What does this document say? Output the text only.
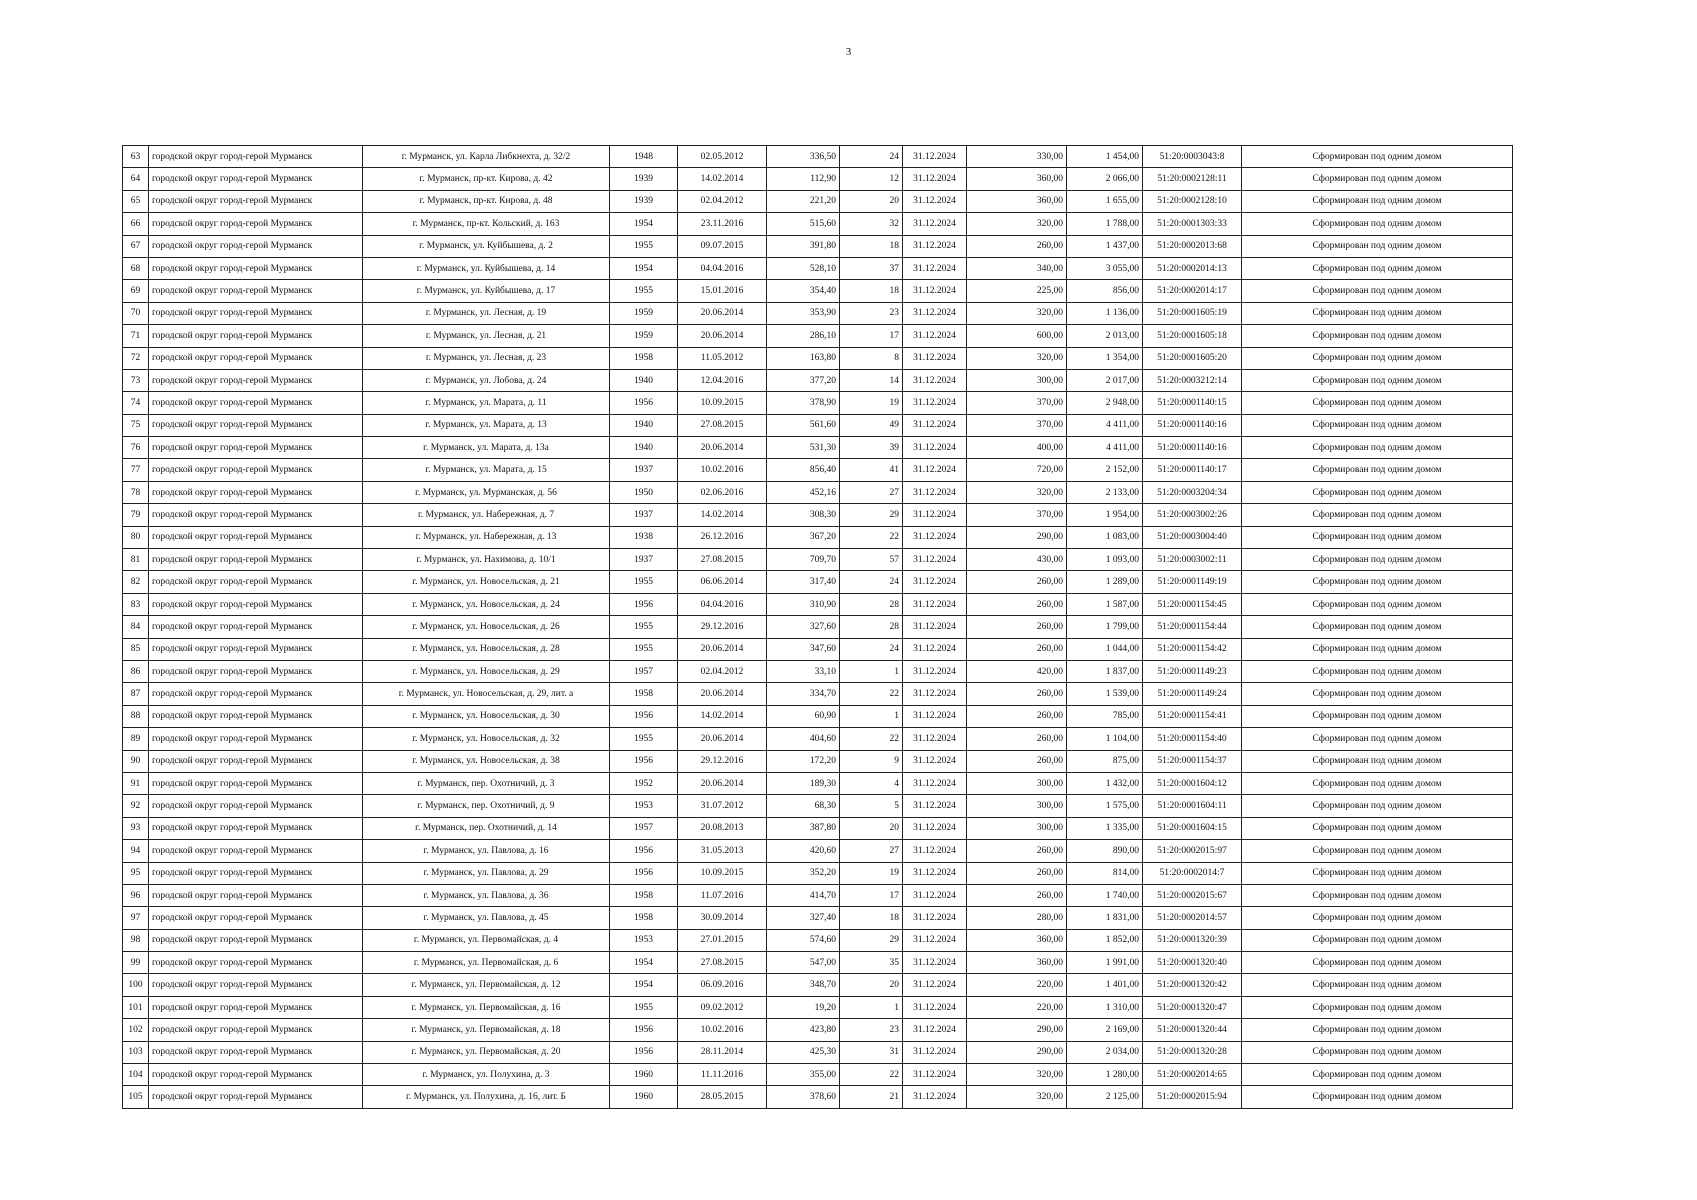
3
63	городской округ город-герой Мурманск	г. Мурманск, ул. Карла Либкнехта, д. 32/2	1948	02.05.2012	336,50	24	31.12.2024	330,00	1 454,00	51:20:0003043:8	Сформирован под одним домом
64	городской округ город-герой Мурманск	г. Мурманск, пр-кт. Кирова, д. 42	1939	14.02.2014	112,90	12	31.12.2024	360,00	2 066,00	51:20:0002128:11	Сформирован под одним домом
65	городской округ город-герой Мурманск	г. Мурманск, пр-кт. Кирова, д. 48	1939	02.04.2012	221,20	20	31.12.2024	360,00	1 655,00	51:20:0002128:10	Сформирован под одним домом
66	городской округ город-герой Мурманск	г. Мурманск, пр-кт. Кольский, д. 163	1954	23.11.2016	515,60	32	31.12.2024	320,00	1 788,00	51:20:0001303:33	Сформирован под одним домом
67	городской округ город-герой Мурманск	г. Мурманск, ул. Куйбышева, д. 2	1955	09.07.2015	391,80	18	31.12.2024	260,00	1 437,00	51:20:0002013:68	Сформирован под одним домом
68	городской округ город-герой Мурманск	г. Мурманск, ул. Куйбышева, д. 14	1954	04.04.2016	528,10	37	31.12.2024	340,00	3 055,00	51:20:0002014:13	Сформирован под одним домом
69	городской округ город-герой Мурманск	г. Мурманск, ул. Куйбышева, д. 17	1955	15.01.2016	354,40	18	31.12.2024	225,00	856,00	51:20:0002014:17	Сформирован под одним домом
70	городской округ город-герой Мурманск	г. Мурманск, ул. Лесная, д. 19	1959	20.06.2014	353,90	23	31.12.2024	320,00	1 136,00	51:20:0001605:19	Сформирован под одним домом
71	городской округ город-герой Мурманск	г. Мурманск, ул. Лесная, д. 21	1959	20.06.2014	286,10	17	31.12.2024	600,00	2 013,00	51:20:0001605:18	Сформирован под одним домом
72	городской округ город-герой Мурманск	г. Мурманск, ул. Лесная, д. 23	1958	11.05.2012	163,80	8	31.12.2024	320,00	1 354,00	51:20:0001605:20	Сформирован под одним домом
73	городской округ город-герой Мурманск	г. Мурманск, ул. Лобова, д. 24	1940	12.04.2016	377,20	14	31.12.2024	300,00	2 017,00	51:20:0003212:14	Сформирован под одним домом
74	городской округ город-герой Мурманск	г. Мурманск, ул. Марата, д. 11	1956	10.09.2015	378,90	19	31.12.2024	370,00	2 948,00	51:20:0001140:15	Сформирован под одним домом
75	городской округ город-герой Мурманск	г. Мурманск, ул. Марата, д. 13	1940	27.08.2015	561,60	49	31.12.2024	370,00	4 411,00	51:20:0001140:16	Сформирован под одним домом
76	городской округ город-герой Мурманск	г. Мурманск, ул. Марата, д. 13а	1940	20.06.2014	531,30	39	31.12.2024	400,00	4 411,00	51:20:0001140:16	Сформирован под одним домом
77	городской округ город-герой Мурманск	г. Мурманск, ул. Марата, д. 15	1937	10.02.2016	856,40	41	31.12.2024	720,00	2 152,00	51:20:0001140:17	Сформирован под одним домом
78	городской округ город-герой Мурманск	г. Мурманск, ул. Мурманская, д. 56	1950	02.06.2016	452,16	27	31.12.2024	320,00	2 133,00	51:20:0003204:34	Сформирован под одним домом
79	городской округ город-герой Мурманск	г. Мурманск, ул. Набережная, д. 7	1937	14.02.2014	308,30	29	31.12.2024	370,00	1 954,00	51:20:0003002:26	Сформирован под одним домом
80	городской округ город-герой Мурманск	г. Мурманск, ул. Набережная, д. 13	1938	26.12.2016	367,20	22	31.12.2024	290,00	1 083,00	51:20:0003004:40	Сформирован под одним домом
81	городской округ город-герой Мурманск	г. Мурманск, ул. Нахимова, д. 10/1	1937	27.08.2015	709,70	57	31.12.2024	430,00	1 093,00	51:20:0003002:11	Сформирован под одним домом
82	городской округ город-герой Мурманск	г. Мурманск, ул. Новосельская, д. 21	1955	06.06.2014	317,40	24	31.12.2024	260,00	1 289,00	51:20:0001149:19	Сформирован под одним домом
83	городской округ город-герой Мурманск	г. Мурманск, ул. Новосельская, д. 24	1956	04.04.2016	310,90	28	31.12.2024	260,00	1 587,00	51:20:0001154:45	Сформирован под одним домом
84	городской округ город-герой Мурманск	г. Мурманск, ул. Новосельская, д. 26	1955	29.12.2016	327,60	28	31.12.2024	260,00	1 799,00	51:20:0001154:44	Сформирован под одним домом
85	городской округ город-герой Мурманск	г. Мурманск, ул. Новосельская, д. 28	1955	20.06.2014	347,60	24	31.12.2024	260,00	1 044,00	51:20:0001154:42	Сформирован под одним домом
86	городской округ город-герой Мурманск	г. Мурманск, ул. Новосельская, д. 29	1957	02.04.2012	33,10	1	31.12.2024	420,00	1 837,00	51:20:0001149:23	Сформирован под одним домом
87	городской округ город-герой Мурманск	г. Мурманск, ул. Новосельская, д. 29, лит. а	1958	20.06.2014	334,70	22	31.12.2024	260,00	1 539,00	51:20:0001149:24	Сформирован под одним домом
88	городской округ город-герой Мурманск	г. Мурманск, ул. Новосельская, д. 30	1956	14.02.2014	60,90	1	31.12.2024	260,00	785,00	51:20:0001154:41	Сформирован под одним домом
89	городской округ город-герой Мурманск	г. Мурманск, ул. Новосельская, д. 32	1955	20.06.2014	404,60	22	31.12.2024	260,00	1 104,00	51:20:0001154:40	Сформирован под одним домом
90	городской округ город-герой Мурманск	г. Мурманск, ул. Новосельская, д. 38	1956	29.12.2016	172,20	9	31.12.2024	260,00	875,00	51:20:0001154:37	Сформирован под одним домом
91	городской округ город-герой Мурманск	г. Мурманск, пер. Охотничий, д. 3	1952	20.06.2014	189,30	4	31.12.2024	300,00	1 432,00	51:20:0001604:12	Сформирован под одним домом
92	городской округ город-герой Мурманск	г. Мурманск, пер. Охотничий, д. 9	1953	31.07.2012	68,30	5	31.12.2024	300,00	1 575,00	51:20:0001604:11	Сформирован под одним домом
93	городской округ город-герой Мурманск	г. Мурманск, пер. Охотничий, д. 14	1957	20.08.2013	387,80	20	31.12.2024	300,00	1 335,00	51:20:0001604:15	Сформирован под одним домом
94	городской округ город-герой Мурманск	г. Мурманск, ул. Павлова, д. 16	1956	31.05.2013	420,60	27	31.12.2024	260,00	890,00	51:20:0002015:97	Сформирован под одним домом
95	городской округ город-герой Мурманск	г. Мурманск, ул. Павлова, д. 29	1956	10.09.2015	352,20	19	31.12.2024	260,00	814,00	51:20:0002014:7	Сформирован под одним домом
96	городской округ город-герой Мурманск	г. Мурманск, ул. Павлова, д. 36	1958	11.07.2016	414,70	17	31.12.2024	260,00	1 740,00	51:20:0002015:67	Сформирован под одним домом
97	городской округ город-герой Мурманск	г. Мурманск, ул. Павлова, д. 45	1958	30.09.2014	327,40	18	31.12.2024	280,00	1 831,00	51:20:0002014:57	Сформирован под одним домом
98	городской округ город-герой Мурманск	г. Мурманск, ул. Первомайская, д. 4	1953	27.01.2015	574,60	29	31.12.2024	360,00	1 852,00	51:20:0001320:39	Сформирован под одним домом
99	городской округ город-герой Мурманск	г. Мурманск, ул. Первомайская, д. 6	1954	27.08.2015	547,00	35	31.12.2024	360,00	1 991,00	51:20:0001320:40	Сформирован под одним домом
100	городской округ город-герой Мурманск	г. Мурманск, ул. Первомайская, д. 12	1954	06.09.2016	348,70	20	31.12.2024	220,00	1 401,00	51:20:0001320:42	Сформирован под одним домом
101	городской округ город-герой Мурманск	г. Мурманск, ул. Первомайская, д. 16	1955	09.02.2012	19,20	1	31.12.2024	220,00	1 310,00	51:20:0001320:47	Сформирован под одним домом
102	городской округ город-герой Мурманск	г. Мурманск, ул. Первомайская, д. 18	1956	10.02.2016	423,80	23	31.12.2024	290,00	2 169,00	51:20:0001320:44	Сформирован под одним домом
103	городской округ город-герой Мурманск	г. Мурманск, ул. Первомайская, д. 20	1956	28.11.2014	425,30	31	31.12.2024	290,00	2 034,00	51:20:0001320:28	Сформирован под одним домом
104	городской округ город-герой Мурманск	г. Мурманск, ул. Полухина, д. 3	1960	11.11.2016	355,00	22	31.12.2024	320,00	1 280,00	51:20:0002014:65	Сформирован под одним домом
105	городской округ город-герой Мурманск	г. Мурманск, ул. Полухина, д. 16, лит. Б	1960	28.05.2015	378,60	21	31.12.2024	320,00	2 125,00	51:20:0002015:94	Сформирован под одним домом
